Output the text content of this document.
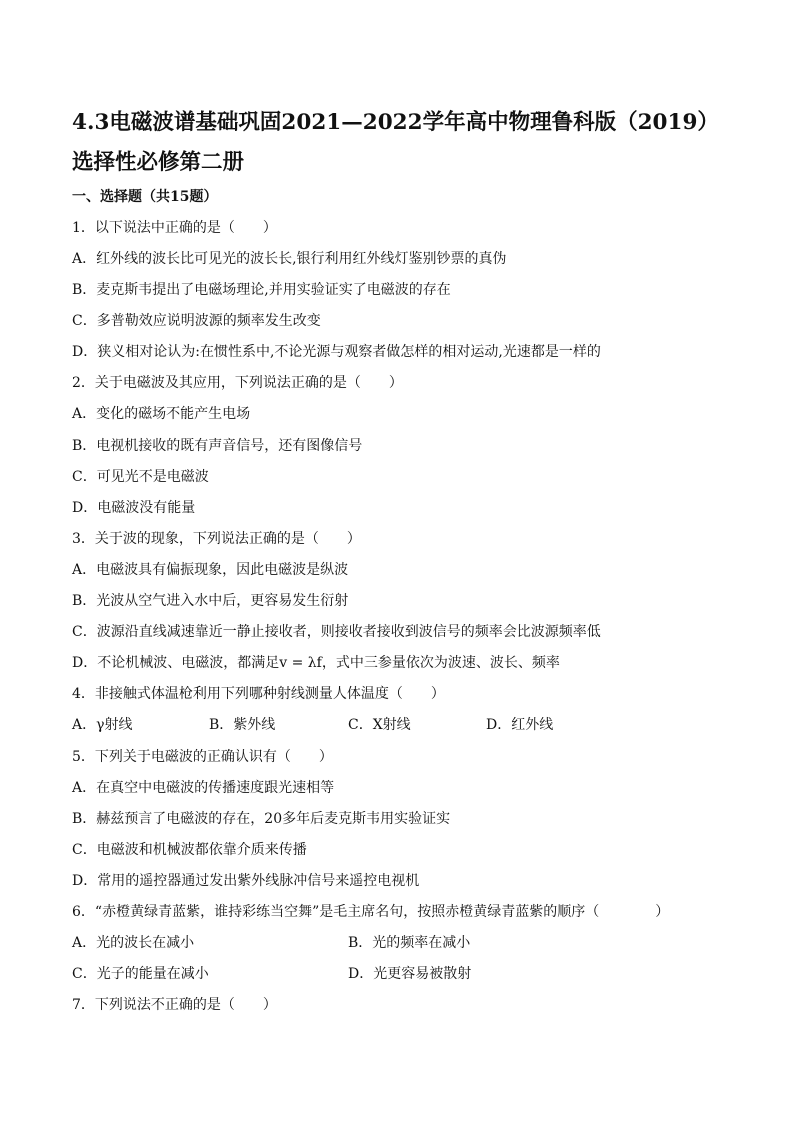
4.3电磁波谱基础巩固2021—2022学年高中物理鲁科版（2019）选择性必修第二册
一、选择题（共15题）
1．以下说法中正确的是（　　）
A．红外线的波长比可见光的波长长,银行利用红外线灯鉴别钞票的真伪
B．麦克斯韦提出了电磁场理论,并用实验证实了电磁波的存在
C．多普勒效应说明波源的频率发生改变
D．狭义相对论认为:在惯性系中,不论光源与观察者做怎样的相对运动,光速都是一样的
2．关于电磁波及其应用，下列说法正确的是（　　）
A．变化的磁场不能产生电场
B．电视机接收的既有声音信号，还有图像信号
C．可见光不是电磁波
D．电磁波没有能量
3．关于波的现象，下列说法正确的是（　　）
A．电磁波具有偏振现象，因此电磁波是纵波
B．光波从空气进入水中后，更容易发生衍射
C．波源沿直线减速靠近一静止接收者，则接收者接收到波信号的频率会比波源频率低
D．不论机械波、电磁波，都满足v = λf，式中三参量依次为波速、波长、频率
4．非接触式体温枪利用下列哪种射线测量人体温度（　　）
A．γ射线	B．紫外线	C．X射线	D．红外线
5．下列关于电磁波的正确认识有（　　）
A．在真空中电磁波的传播速度跟光速相等
B．赫兹预言了电磁波的存在，20多年后麦克斯韦用实验证实
C．电磁波和机械波都依靠介质来传播
D．常用的遥控器通过发出紫外线脉冲信号来遥控电视机
6．“赤橙黄绿青蓝紫，谁持彩练当空舞”是毛主席名句，按照赤橙黄绿青蓝紫的顺序（　　　　）
A．光的波长在减小	B．光的频率在减小
C．光子的能量在减小	D．光更容易被散射
7．下列说法不正确的是（　　）
